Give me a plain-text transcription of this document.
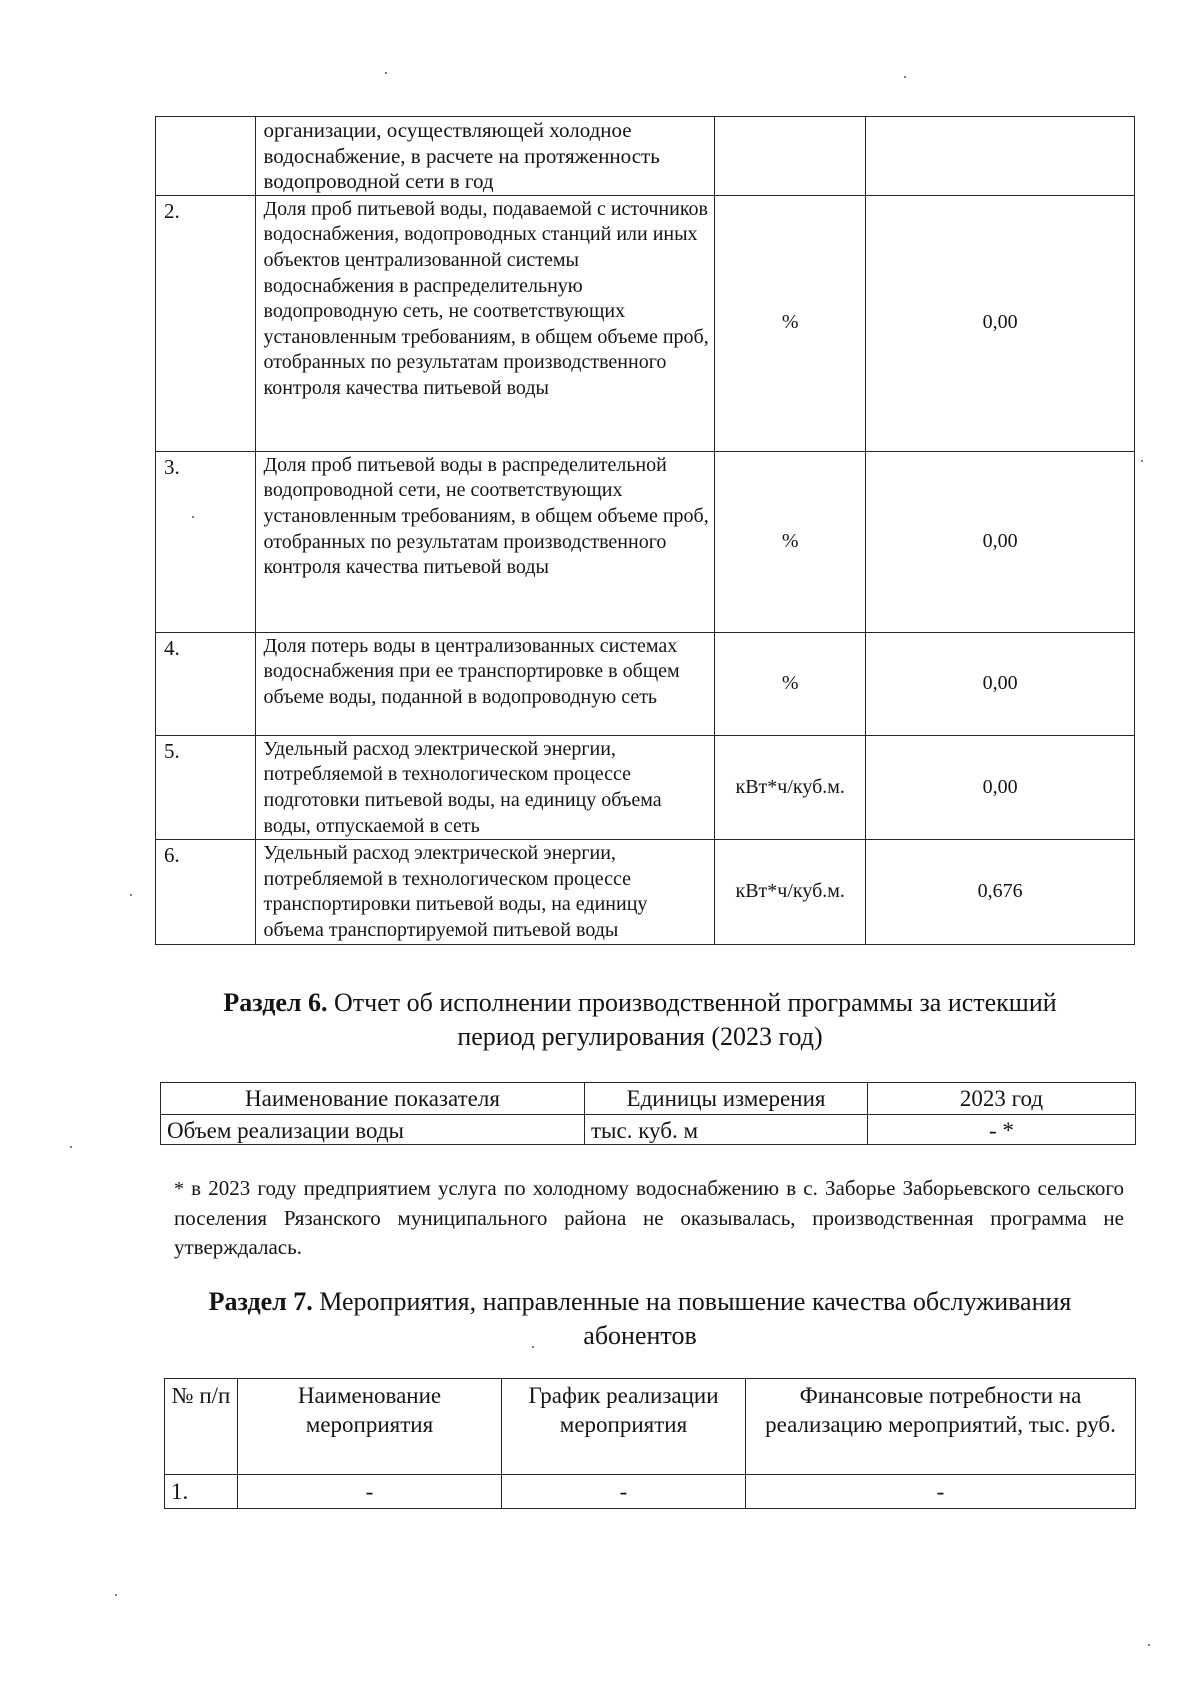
	организации, осуществляющей холодное водоснабжение, в расчете на протяженность водопроводной сети в год		
2.	Доля проб питьевой воды, подаваемой с источников водоснабжения, водопроводных станций или иных объектов централизованной системы водоснабжения в распределительную водопроводную сеть, не соответствующих установленным требованиям, в общем объеме проб, отобранных по результатам производственного контроля качества питьевой воды	%	0,00
3.	Доля проб питьевой воды в распределительной водопроводной сети, не соответствующих установленным требованиям, в общем объеме проб, отобранных по результатам производственного контроля качества питьевой воды	%	0,00
4.	Доля потерь воды в централизованных системах водоснабжения при ее транспортировке в общем объеме воды, поданной в водопроводную сеть	%	0,00
5.	Удельный расход электрической энергии, потребляемой в технологическом процессе подготовки питьевой воды, на единицу объема воды, отпускаемой в сеть	кВт*ч/куб.м.	0,00
6.	Удельный расход электрической энергии, потребляемой в технологическом процессе транспортировки питьевой воды, на единицу объема транспортируемой питьевой воды	кВт*ч/куб.м.	0,676
Раздел 6. Отчет об исполнении производственной программы за истекший
период регулирования (2023 год)
Наименование показателя	Единицы измерения	2023 год
Объем реализации воды	тыс. куб. м	- *
* в 2023 году предприятием услуга по холодному водоснабжению в с. Заборье Заборьевского сельского поселения Рязанского муниципального района не оказывалась, производственная программа не утверждалась.
Раздел 7. Мероприятия, направленные на повышение качества обслуживания
абонентов
№ п/п	Наименование мероприятия	График реализации мероприятия	Финансовые потребности на реализацию мероприятий, тыс. руб.
1.	-	-	-
